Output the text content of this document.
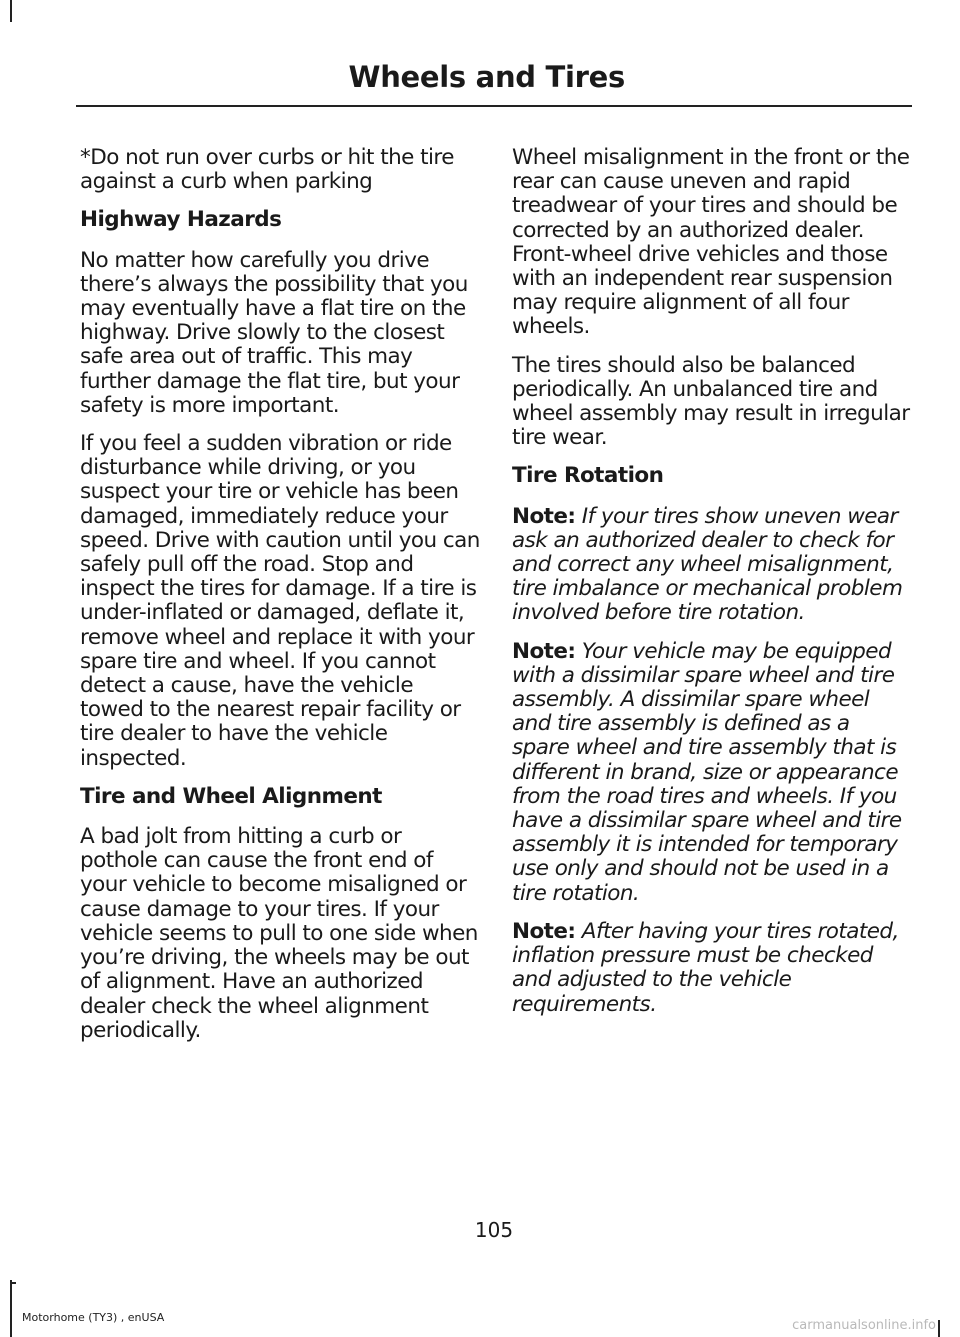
Wheels and Tires

*Do not run over curbs or hit the tire against a curb when parking

Highway Hazards

No matter how carefully you drive there’s always the possibility that you may eventually have a flat tire on the highway. Drive slowly to the closest safe area out of traffic. This may further damage the flat tire, but your safety is more important.

If you feel a sudden vibration or ride disturbance while driving, or you suspect your tire or vehicle has been damaged, immediately reduce your speed. Drive with caution until you can safely pull off the road. Stop and inspect the tires for damage. If a tire is under-inflated or damaged, deflate it, remove wheel and replace it with your spare tire and wheel. If you cannot detect a cause, have the vehicle towed to the nearest repair facility or tire dealer to have the vehicle inspected.

Tire and Wheel Alignment

A bad jolt from hitting a curb or pothole can cause the front end of your vehicle to become misaligned or cause damage to your tires. If your vehicle seems to pull to one side when you’re driving, the wheels may be out of alignment. Have an authorized dealer check the wheel alignment periodically.

Wheel misalignment in the front or the rear can cause uneven and rapid treadwear of your tires and should be corrected by an authorized dealer. Front-wheel drive vehicles and those with an independent rear suspension may require alignment of all four wheels.

The tires should also be balanced periodically. An unbalanced tire and wheel assembly may result in irregular tire wear.

Tire Rotation

Note: If your tires show uneven wear ask an authorized dealer to check for and correct any wheel misalignment, tire imbalance or mechanical problem involved before tire rotation.

Note: Your vehicle may be equipped with a dissimilar spare wheel and tire assembly. A dissimilar spare wheel and tire assembly is defined as a spare wheel and tire assembly that is different in brand, size or appearance from the road tires and wheels. If you have a dissimilar spare wheel and tire assembly it is intended for temporary use only and should not be used in a tire rotation.

Note: After having your tires rotated, inflation pressure must be checked and adjusted to the vehicle requirements.

105
Motorhome (TY3) , enUSA
carmanualsonline.info
